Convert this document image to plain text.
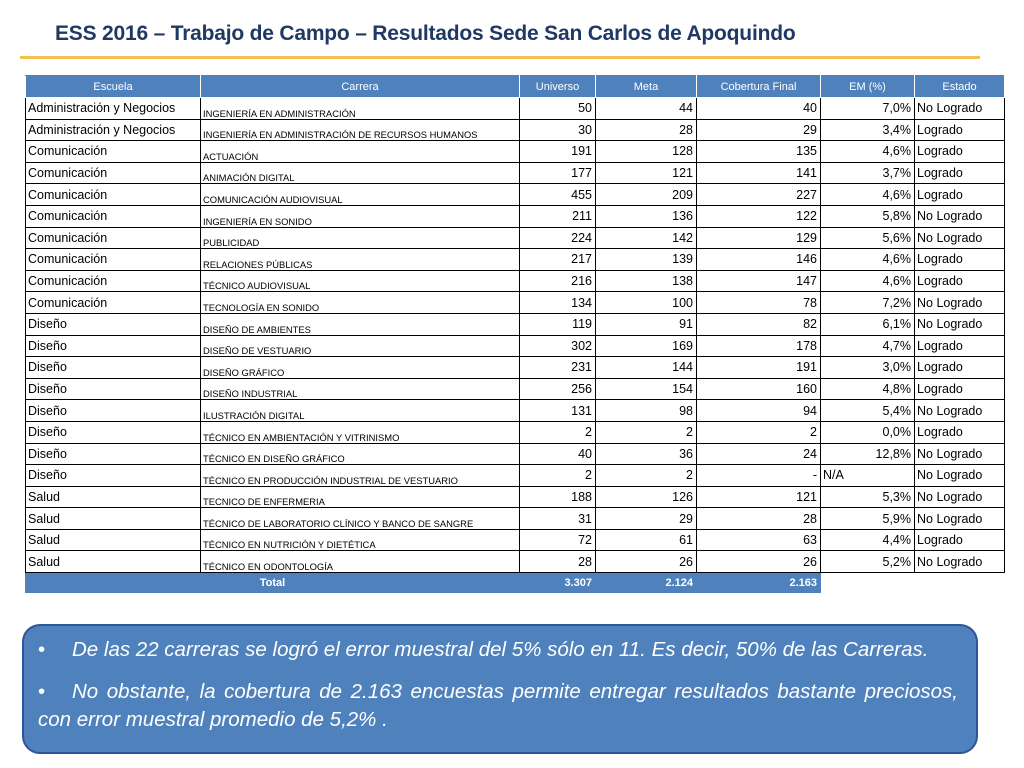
ESS 2016 – Trabajo de Campo – Resultados Sede San Carlos de Apoquindo
Escuela	Carrera	Universo	Meta	Cobertura Final	EM (%)	Estado
Administración y Negocios	INGENIERÍA EN ADMINISTRACIÓN	50	44	40	7,0%	No Logrado
Administración y Negocios	INGENIERÍA EN ADMINISTRACIÓN DE RECURSOS HUMANOS	30	28	29	3,4%	Logrado
Comunicación	ACTUACIÓN	191	128	135	4,6%	Logrado
Comunicación	ANIMACIÓN DIGITAL	177	121	141	3,7%	Logrado
Comunicación	COMUNICACIÓN AUDIOVISUAL	455	209	227	4,6%	Logrado
Comunicación	INGENIERÍA EN SONIDO	211	136	122	5,8%	No Logrado
Comunicación	PUBLICIDAD	224	142	129	5,6%	No Logrado
Comunicación	RELACIONES PÚBLICAS	217	139	146	4,6%	Logrado
Comunicación	TÉCNICO AUDIOVISUAL	216	138	147	4,6%	Logrado
Comunicación	TECNOLOGÍA EN SONIDO	134	100	78	7,2%	No Logrado
Diseño	DISEÑO DE AMBIENTES	119	91	82	6,1%	No Logrado
Diseño	DISEÑO DE VESTUARIO	302	169	178	4,7%	Logrado
Diseño	DISEÑO GRÁFICO	231	144	191	3,0%	Logrado
Diseño	DISEÑO INDUSTRIAL	256	154	160	4,8%	Logrado
Diseño	ILUSTRACIÓN DIGITAL	131	98	94	5,4%	No Logrado
Diseño	TÉCNICO EN AMBIENTACIÓN Y VITRINISMO	2	2	2	0,0%	Logrado
Diseño	TÉCNICO EN DISEÑO GRÁFICO	40	36	24	12,8%	No Logrado
Diseño	TÉCNICO EN PRODUCCIÓN INDUSTRIAL DE VESTUARIO	2	2	-	N/A	No Logrado
Salud	TECNICO DE ENFERMERIA	188	126	121	5,3%	No Logrado
Salud	TÉCNICO DE LABORATORIO CLÍNICO Y BANCO DE SANGRE	31	29	28	5,9%	No Logrado
Salud	TÉCNICO EN NUTRICIÓN Y DIETÉTICA	72	61	63	4,4%	Logrado
Salud	TÉCNICO EN ODONTOLOGÍA	28	26	26	5,2%	No Logrado
Total		3.307	2.124	2.163		

• De las 22 carreras se logró el error muestral del 5% sólo en 11. Es decir, 50% de las Carreras.

• No obstante, la cobertura de 2.163 encuestas permite entregar resultados bastante preciosos, con error muestral promedio de 5,2% .
